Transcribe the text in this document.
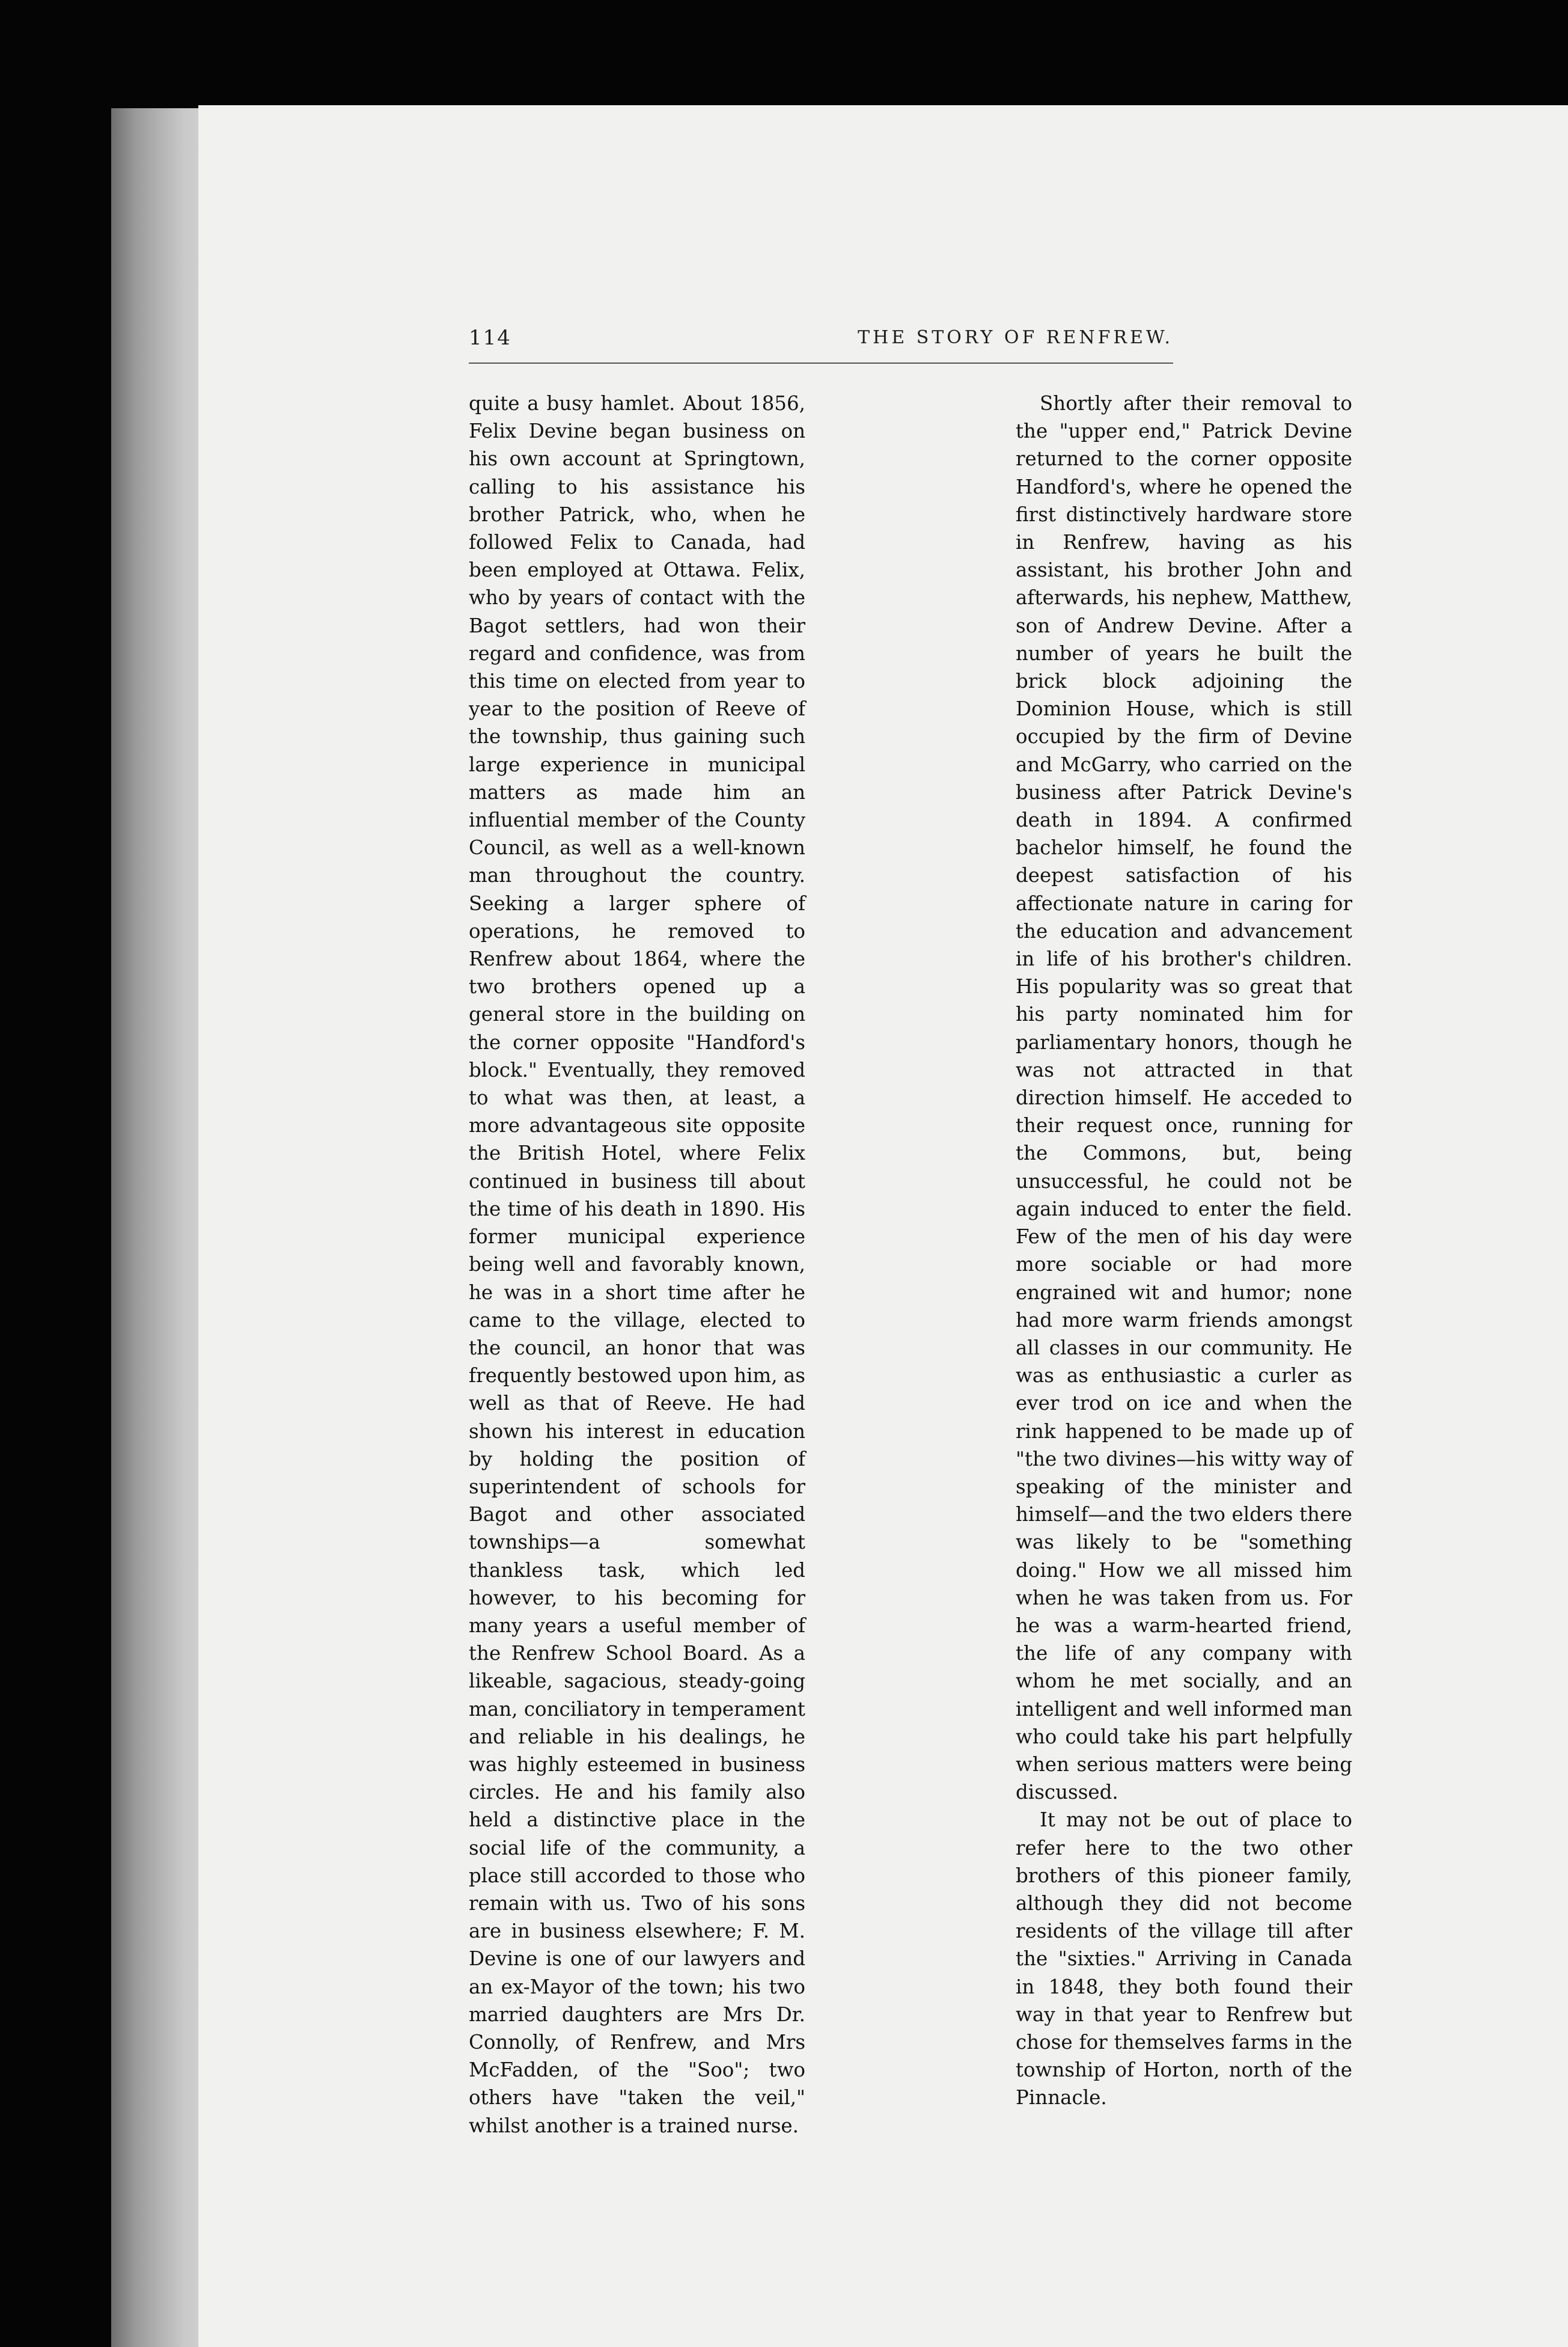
114	THE STORY OF RENFREW.

quite a busy hamlet. About 1856, Felix Devine began business on his own account at Springtown, calling to his assistance his brother Patrick, who, when he followed Felix to Canada, had been employed at Ottawa. Felix, who by years of contact with the Bagot settlers, had won their regard and confidence, was from this time on elected from year to year to the position of Reeve of the township, thus gaining such large experience in municipal matters as made him an influential member of the County Council, as well as a well-known man throughout the country. Seeking a larger sphere of operations, he removed to Renfrew about 1864, where the two brothers opened up a general store in the building on the corner opposite "Handford's block." Eventually, they removed to what was then, at least, a more advantageous site opposite the British Hotel, where Felix continued in business till about the time of his death in 1890. His former municipal experience being well and favorably known, he was in a short time after he came to the village, elected to the council, an honor that was frequently bestowed upon him, as well as that of Reeve. He had shown his interest in education by holding the position of superintendent of schools for Bagot and other associated townships—a somewhat thankless task, which led however, to his becoming for many years a useful member of the Renfrew School Board. As a likeable, sagacious, steady-going man, conciliatory in temperament and reliable in his dealings, he was highly esteemed in business circles. He and his family also held a distinctive place in the social life of the community, a place still accorded to those who remain with us. Two of his sons are in business elsewhere; F. M. Devine is one of our lawyers and an ex-Mayor of the town; his two married daughters are Mrs Dr. Connolly, of Renfrew, and Mrs McFadden, of the "Soo"; two others have "taken the veil," whilst another is a trained nurse.

Shortly after their removal to the "upper end," Patrick Devine returned to the corner opposite Handford's, where he opened the first distinctively hardware store in Renfrew, having as his assistant, his brother John and afterwards, his nephew, Matthew, son of Andrew Devine. After a number of years he built the brick block adjoining the Dominion House, which is still occupied by the firm of Devine and McGarry, who carried on the business after Patrick Devine's death in 1894. A confirmed bachelor himself, he found the deepest satisfaction of his affectionate nature in caring for the education and advancement in life of his brother's children. His popularity was so great that his party nominated him for parliamentary honors, though he was not attracted in that direction himself. He acceded to their request once, running for the Commons, but, being unsuccessful, he could not be again induced to enter the field. Few of the men of his day were more sociable or had more engrained wit and humor; none had more warm friends amongst all classes in our community. He was as enthusiastic a curler as ever trod on ice and when the rink happened to be made up of "the two divines—his witty way of speaking of the minister and himself—and the two elders there was likely to be "something doing." How we all missed him when he was taken from us. For he was a warm-hearted friend, the life of any company with whom he met socially, and an intelligent and well informed man who could take his part helpfully when serious matters were being discussed.

It may not be out of place to refer here to the two other brothers of this pioneer family, although they did not become residents of the village till after the "sixties." Arriving in Canada in 1848, they both found their way in that year to Renfrew but chose for themselves farms in the township of Horton, north of the Pinnacle.
